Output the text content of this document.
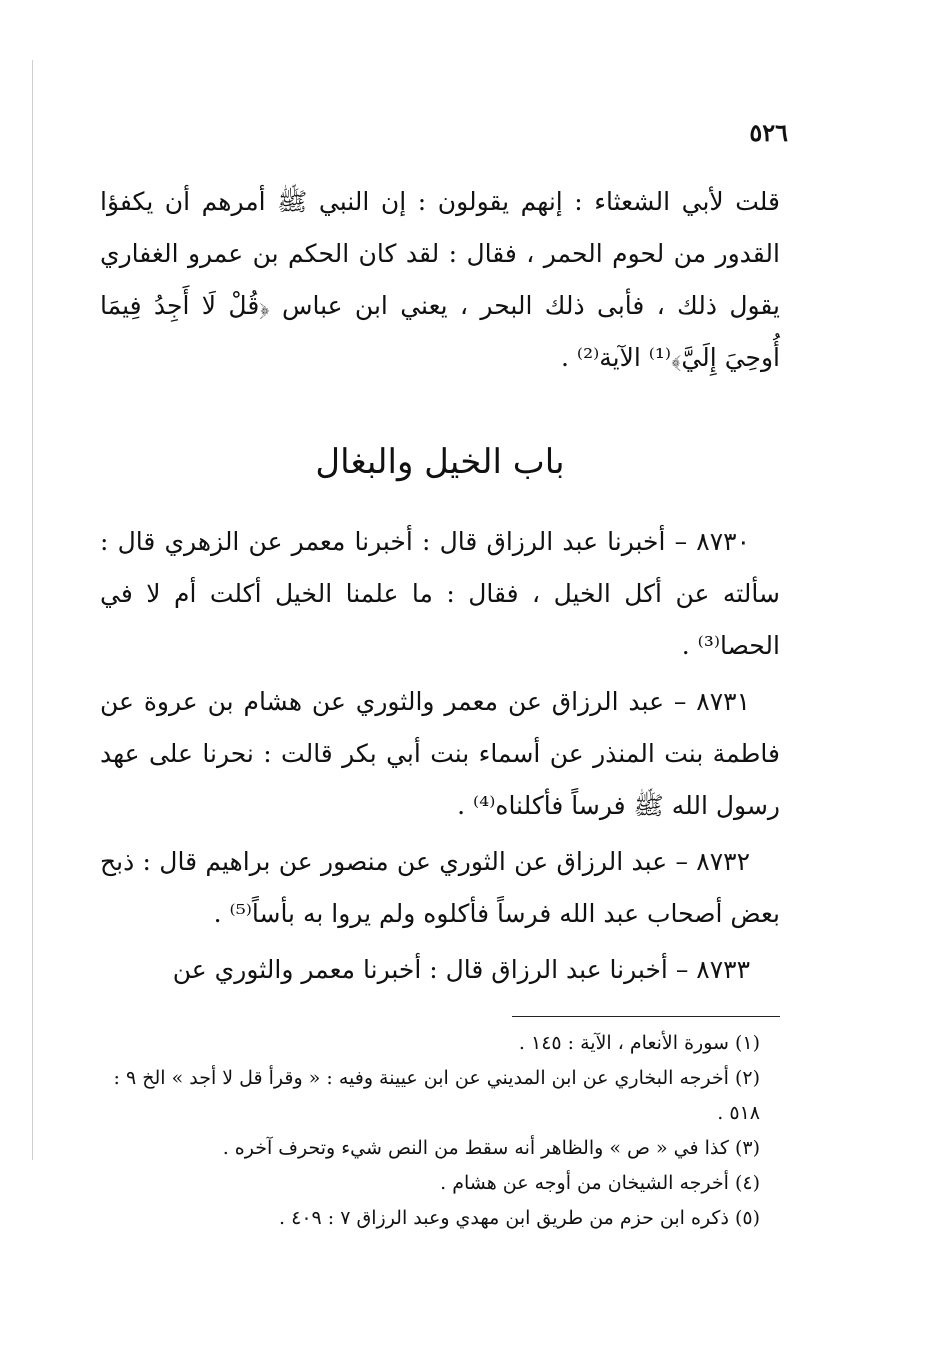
٥٢٦

قلت لأبي الشعثاء : إنهم يقولون : إن النبي ﷺ أمرهم أن يكفؤا القدور من لحوم الحمر ، فقال : لقد كان الحكم بن عمرو الغفاري يقول ذلك ، فأبى ذلك البحر ، يعني ابن عباس ﴿قُلْ لَا أَجِدُ فِيمَا أُوحِيَ إِلَيَّ﴾⁽¹⁾ الآية⁽²⁾ .

باب الخيل والبغال

٨٧٣٠ – أخبرنا عبد الرزاق قال : أخبرنا معمر عن الزهري قال : سألته عن أكل الخيل ، فقال : ما علمنا الخيل أكلت أم لا في الحصا⁽³⁾ .

٨٧٣١ – عبد الرزاق عن معمر والثوري عن هشام بن عروة عن فاطمة بنت المنذر عن أسماء بنت أبي بكر قالت : نحرنا على عهد رسول الله ﷺ فرساً فأكلناه⁽⁴⁾ .

٨٧٣٢ – عبد الرزاق عن الثوري عن منصور عن براهيم قال : ذبح بعض أصحاب عبد الله فرساً فأكلوه ولم يروا به بأساً⁽⁵⁾ .

٨٧٣٣ – أخبرنا عبد الرزاق قال : أخبرنا معمر والثوري عن

(١)سورة الأنعام ، الآية : ١٤٥ .

(٢)أخرجه البخاري عن ابن المديني عن ابن عيينة وفيه : « وقرأ قل لا أجد » الخ ٩ : ٥١٨ .

(٣)كذا في « ص » والظاهر أنه سقط من النص شيء وتحرف آخره .

(٤)أخرجه الشيخان من أوجه عن هشام .

(٥)ذكره ابن حزم من طريق ابن مهدي وعبد الرزاق ٧ : ٤٠٩ .
